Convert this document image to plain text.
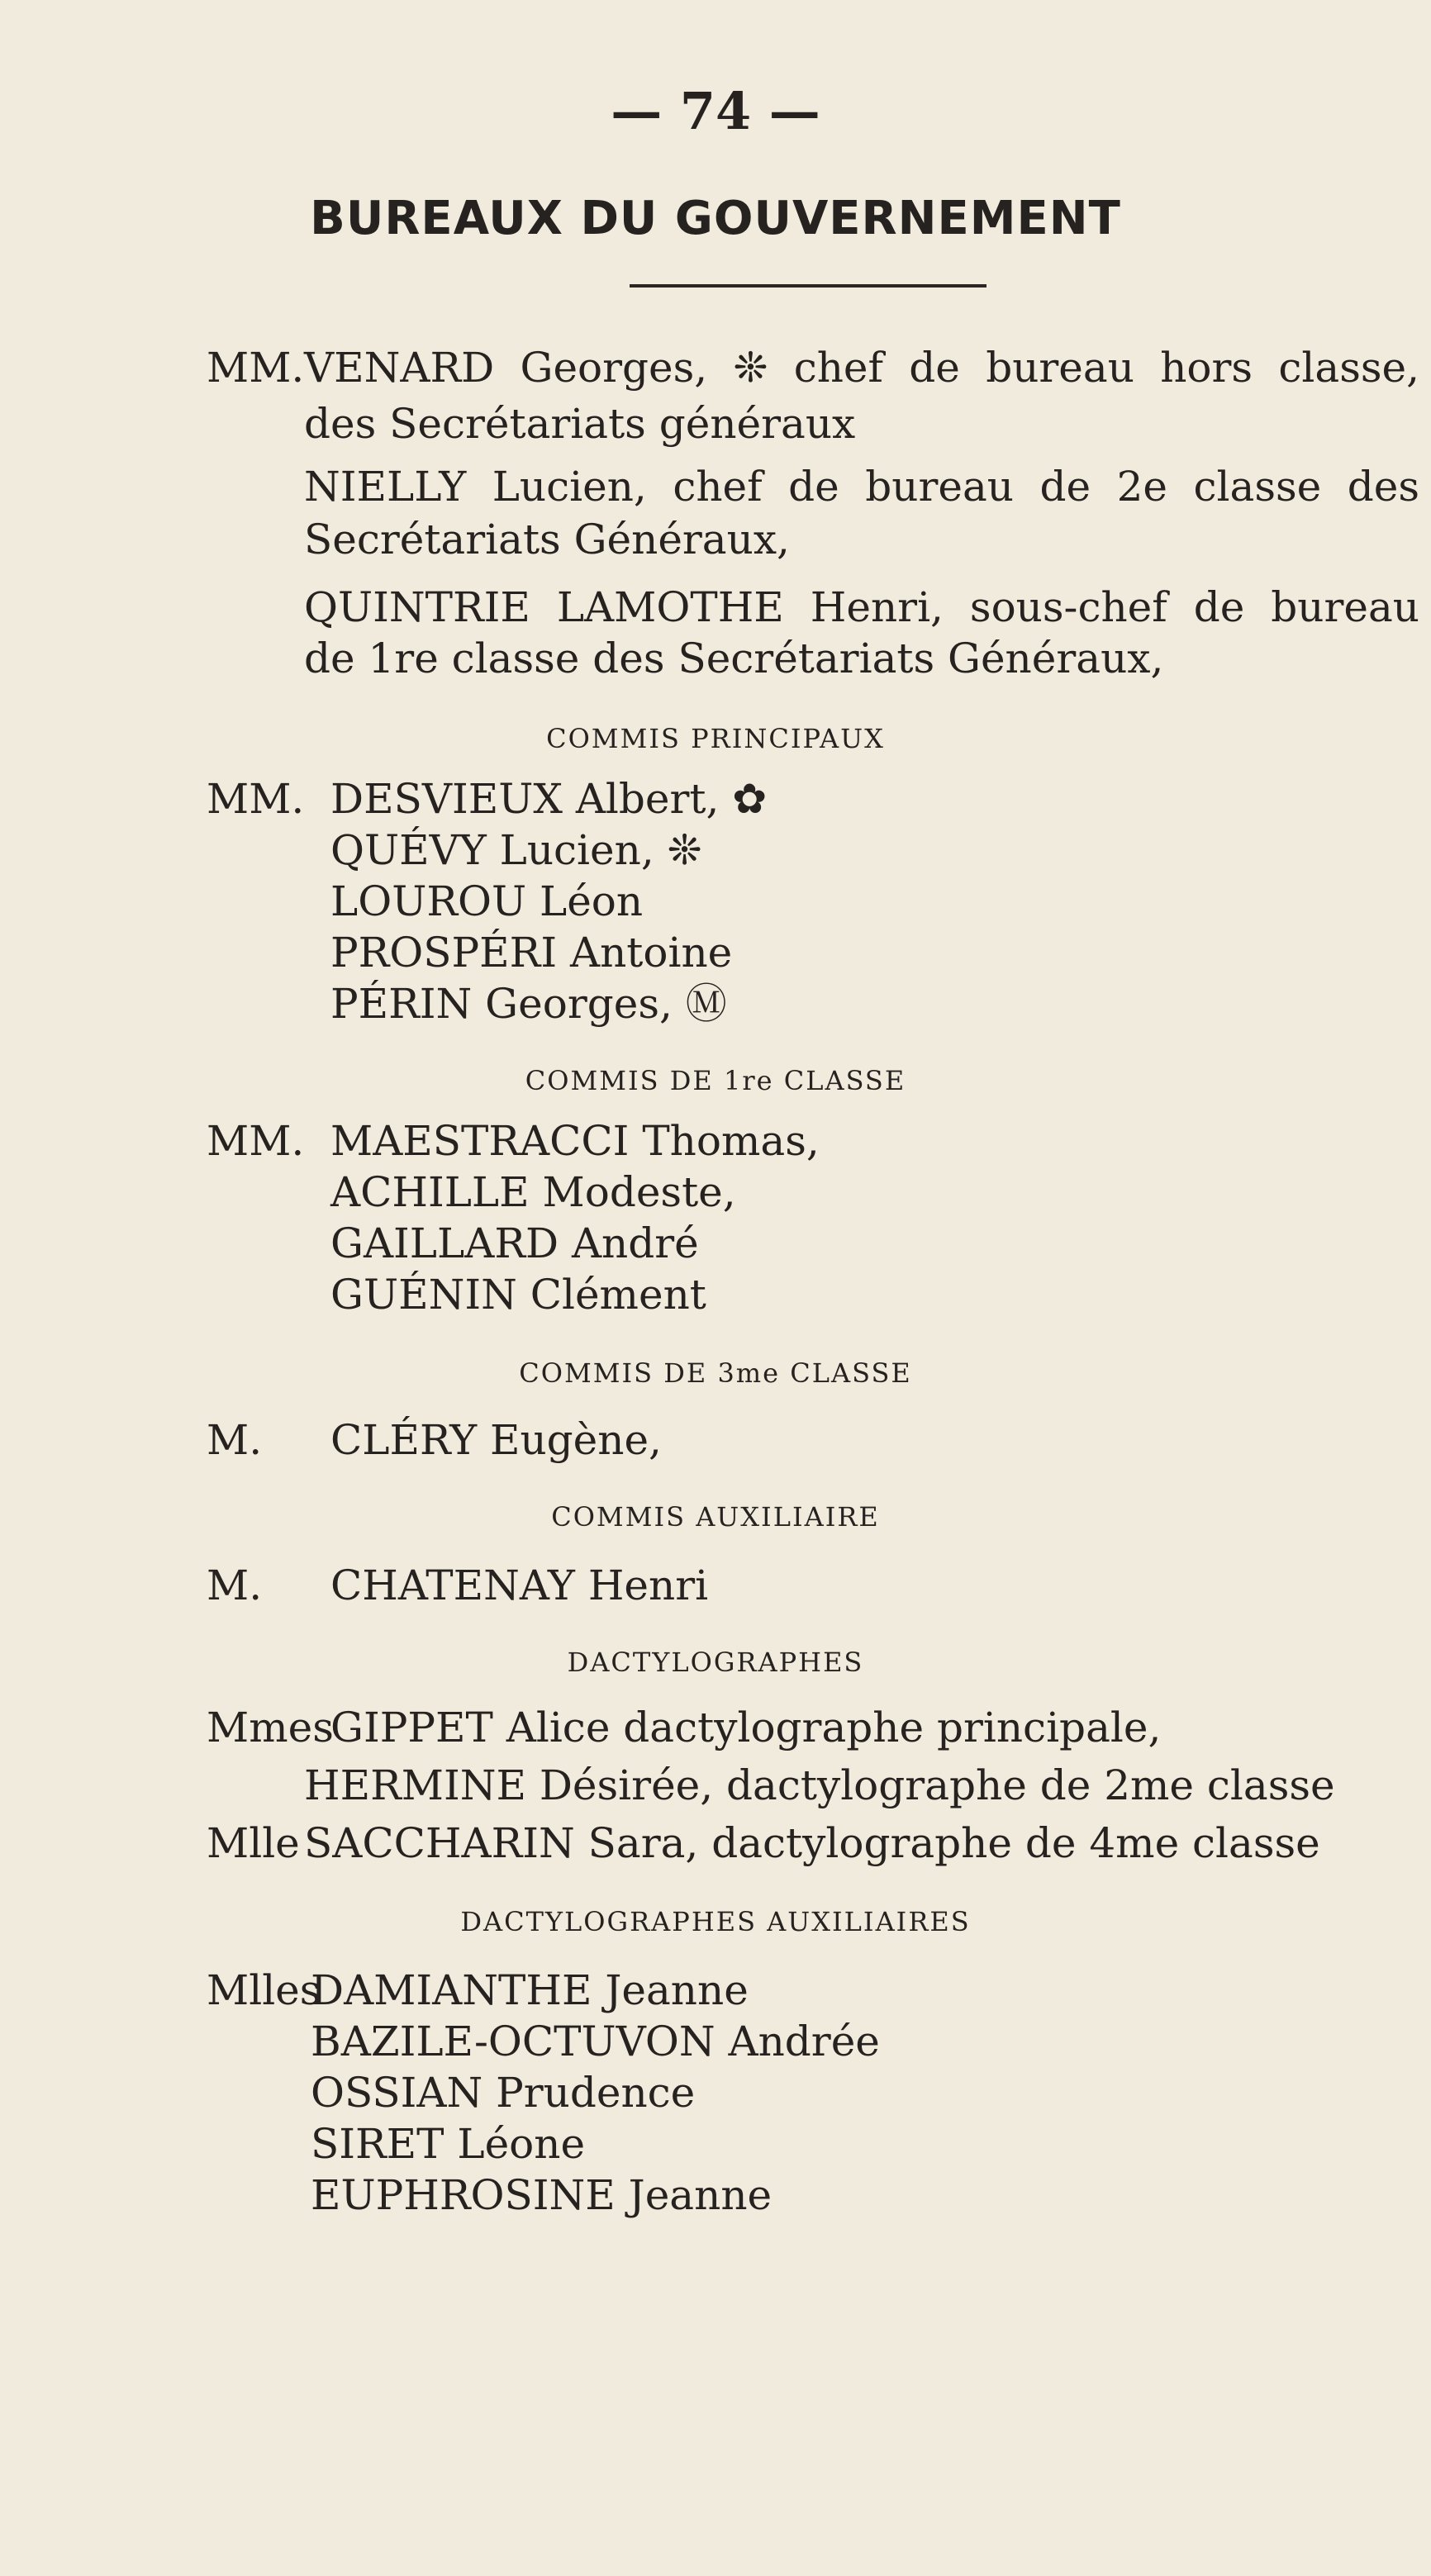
— 74 —
BUREAUX DU GOUVERNEMENT
MM. VENARD Georges, ❊ chef de bureau hors classe,
des Secrétariats généraux
NIELLY Lucien, chef de bureau de 2e classe des
Secrétariats Généraux,
QUINTRIE LAMOTHE Henri, sous-chef de bureau
de 1re classe des Secrétariats Généraux,
COMMIS PRINCIPAUX
MM. DESVIEUX Albert, ✿
QUÉVY Lucien, ❊
LOUROU Léon
PROSPÉRI Antoine
PÉRIN Georges, Ⓜ
COMMIS DE 1re CLASSE
MM. MAESTRACCI Thomas,
ACHILLE Modeste,
GAILLARD André
GUÉNIN Clément
COMMIS DE 3me CLASSE
M. CLÉRY Eugène,
COMMIS AUXILIAIRE
M. CHATENAY Henri
DACTYLOGRAPHES
Mmes
GIPPET Alice dactylographe principale,
HERMINE Désirée, dactylographe de 2me classe
Mlle SACCHARIN Sara, dactylographe de 4me classe
DACTYLOGRAPHES AUXILIAIRES
Mlles
DAMIANTHE Jeanne
BAZILE-OCTUVON Andrée
OSSIAN Prudence
SIRET Léone
EUPHROSINE Jeanne
